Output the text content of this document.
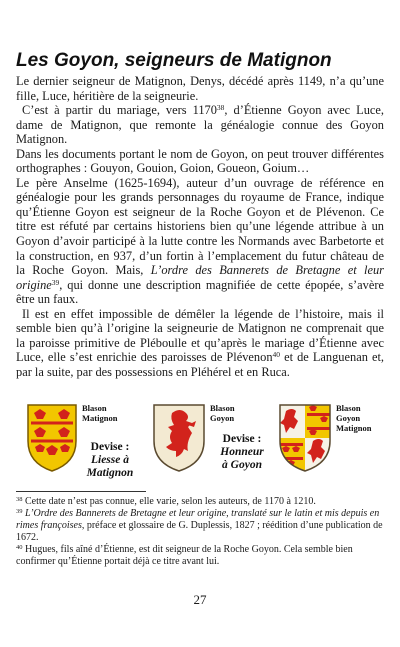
Les Goyon, seigneurs de Matignon

Le dernier seigneur de Matignon, Denys, décédé après 1149, n’a qu’une fille, Luce, héritière de la seigneurie.

C’est à partir du mariage, vers 1170$^{38}$, d’Étienne Goyon avec Luce, dame de Matignon, que remonte la généalogie connue des Goyon Matignon.

Dans les documents portant le nom de Goyon, on peut trouver différentes orthographes : Gouyon, Gouion, Goion, Goueon, Goium…

Le père Anselme (1625-1694), auteur d’un ouvrage de référence en généalogie pour les grands personnages du royaume de France, indique qu’Étienne Goyon est seigneur de la Roche Goyon et de Plévenon. Ce titre est réfuté par certains historiens bien qu’une légende attribue à un Goyon d’avoir participé à la lutte contre les Normands avec Barbetorte et la construction, en 937, d’un fortin à l’emplacement du futur château de la Roche Goyon. Mais, L’ordre des Bannerets de Bretagne et leur origine$^{39}$, qui donne une description magnifiée de cette épopée, s’avère être un faux.

Il est en effet impossible de démêler la légende de l’histoire, mais il semble bien qu’à l’origine la seigneurie de Matignon ne comprenait que la paroisse primitive de Pléboulle et qu’après le mariage d’Étienne avec Luce, elle s’est enrichie des paroisses de Plévenon$^{40}$ et de Languenan et, par la suite, par des possessions en Pléhérel et en Ruca.

Blason
Matignon
Devise :
Liesse à
Matignon
Blason
Goyon
Devise :
Honneur
à Goyon
Blason
Goyon
Matignon

$^{38}$ Cette date n’est pas connue, elle varie, selon les auteurs, de 1170 à 1210.

$^{39}$ L’Ordre des Bannerets de Bretagne et leur origine, translaté sur le latin et mis depuis en rimes françoises, préface et glossaire de G. Duplessis, 1827 ; réédition d’une publication de 1672.

$^{40}$ Hugues, fils aîné d’Étienne, est dit seigneur de la Roche Goyon. Cela semble bien confirmer qu’Étienne portait déjà ce titre avant lui.

27
